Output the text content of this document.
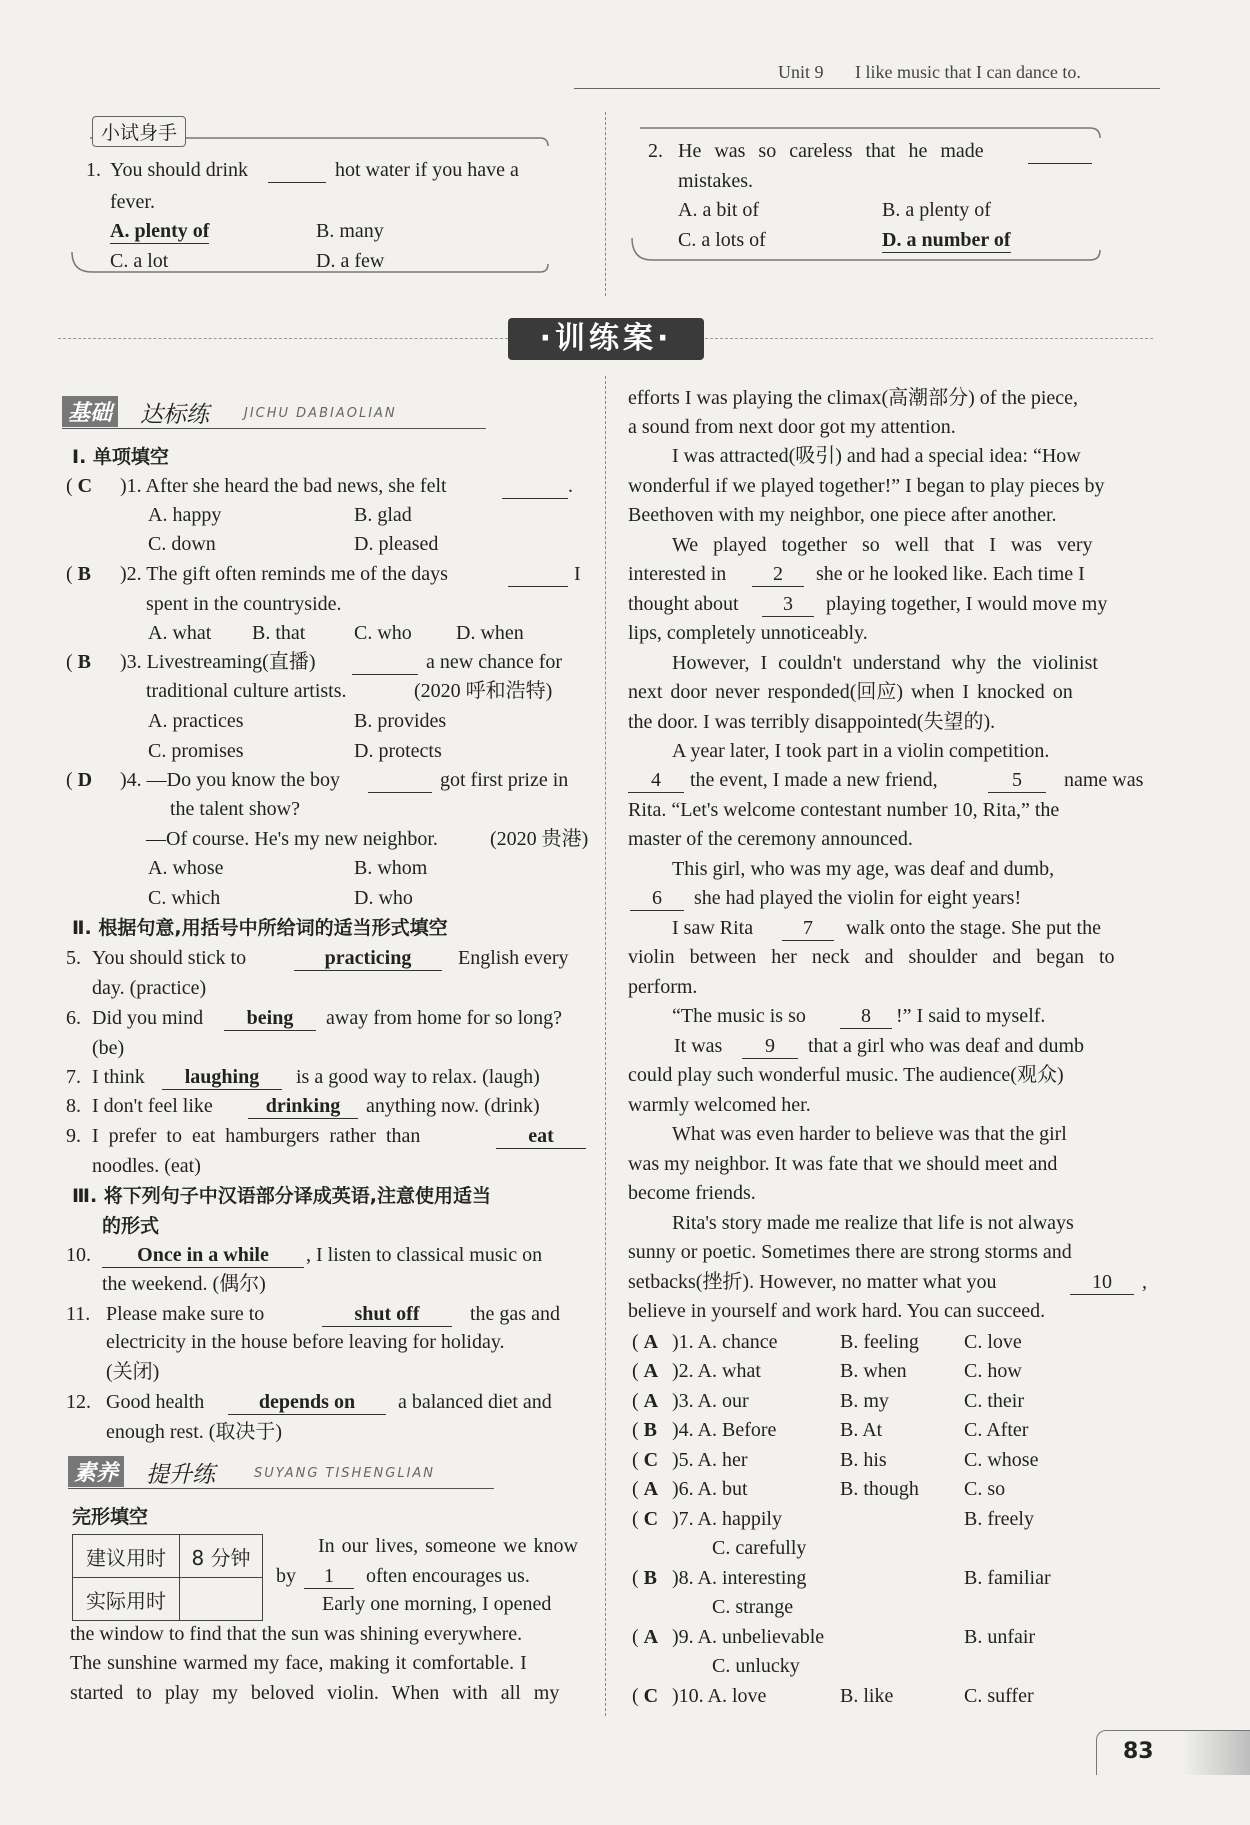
Unit 9 I like music that I can dance to.
小试身手
1. You should drink
	hot water if you have a
fever.
A. plenty of	B. many
C. a lot	D. a few
2. He was so careless that he made

mistakes.
A. a bit of	B. a plenty of
C. a lots of	D. a number of
·训练案·
基础 达标练	JICHU DABIAOLIAN
Ⅰ. 单项填空
( C )1. After she heard the bad news, she felt	.
A. happy	B. glad
C. down	D. pleased
( B )2. The gift often reminds me of the days
	I
spent in the countryside.
A. what B. that C. who D. when
( B )3. Livestreaming(直播)
	a new chance for
traditional culture artists.	(2020 呼和浩特)
A. practices	B. provides
C. promises	D. protects
( D )4. —Do you know the boy
	got first prize in
the talent show?
—Of course. He's my new neighbor.	(2020 贵港)
A. whose	B. whom
C. which	D. who
Ⅱ. 根据句意,用括号中所给词的适当形式填空
5. You should stick to	practicing	English every
day. (practice)
6. Did you mind	being	away from home for so long?
(be)
7. I think	laughing	is a good way to relax. (laugh)
8. I don't feel like	drinking	anything now. (drink)
9. I prefer to eat hamburgers rather than	eat
noodles. (eat)
Ⅲ. 将下列句子中汉语部分译成英语,注意使用适当
的形式
10.	Once in a while	, I listen to classical music on
the weekend. (偶尔)
11. Please make sure to	shut off	the gas and
electricity in the house before leaving for holiday.
(关闭)
12. Good health	depends on	a balanced diet and
enough rest. (取决于)
素养 提升练	SUYANG TISHENGLIAN
完形填空
建议用时	8 分钟
实际用时	
In our lives, someone we know
by	1	often encourages us.
Early one morning, I opened
the window to find that the sun was shining everywhere.
The sunshine warmed my face, making it comfortable. I
started to play my beloved violin. When with all my
efforts I was playing the climax(高潮部分) of the piece,
a sound from next door got my attention.
I was attracted(吸引) and had a special idea: “How
wonderful if we played together!” I began to play pieces by
Beethoven with my neighbor, one piece after another.
We played together so well that I was very
interested in	2	she or he looked like. Each time I
thought about	3	playing together, I would move my
lips, completely unnoticeably.
However, I couldn't understand why the violinist
next door never responded(回应) when I knocked on
the door. I was terribly disappointed(失望的).
A year later, I took part in a violin competition.
4	the event, I made a new friend,	5	name was
Rita. “Let's welcome contestant number 10, Rita,” the
master of the ceremony announced.
This girl, who was my age, was deaf and dumb,
6	she had played the violin for eight years!
I saw Rita	7	walk onto the stage. She put the
violin between her neck and shoulder and began to
perform.
“The music is so	8	!” I said to myself.
It was	9	that a girl who was deaf and dumb
could play such wonderful music. The audience(观众)
warmly welcomed her.
What was even harder to believe was that the girl
was my neighbor. It was fate that we should meet and
become friends.
Rita's story made me realize that life is not always
sunny or poetic. Sometimes there are strong storms and
setbacks(挫折). However, no matter what you	10	,
believe in yourself and work hard. You can succeed.
( A )1. A. chance	B. feeling C. love
( A )2. A. what	B. when	C. how
( A )3. A. our	B. my	C. their
( B )4. A. Before	B. At	C. After
( C )5. A. her	B. his	C. whose
( A )6. A. but	B. though C. so
( C )7. A. happily	B. freely
C. carefully
( B )8. A. interesting	B. familiar
C. strange
( A )9. A. unbelievable	B. unfair
C. unlucky
( C )10. A. love	B. like	C. suffer
83
